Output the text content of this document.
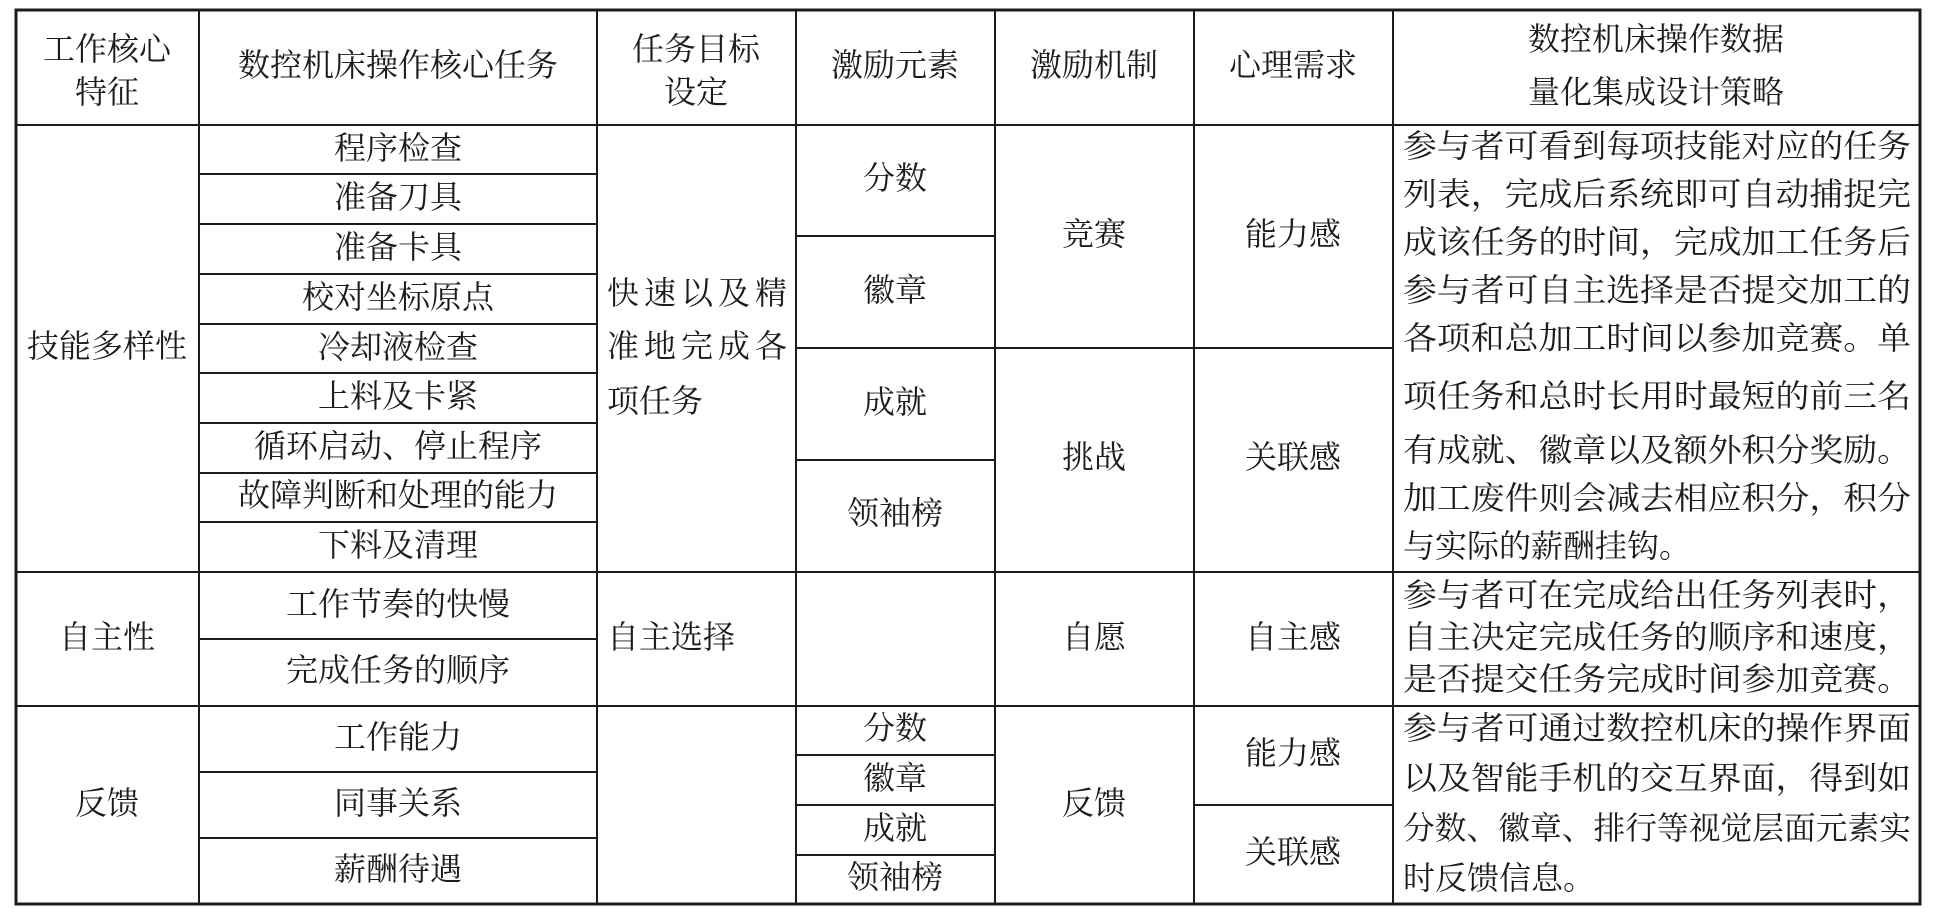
工作核心
特征
数控机床操作核心任务 任务目标
设定
激励元素 激励机制 心理需求
数控机床操作数据
量化集成设计策略
技能多样性
程序检查
准备刀具
准备卡具
校对坐标原点
冷却液检查
上料及卡紧
循环启动、停止程序
故障判断和处理的能力
下料及清理
快速以及精
准地完成各
项任务
分数
徽章
成就
领袖榜
竞赛
挑战
能力感
关联感
参与者可看到每项技能对应的任务
列表，完成后系统即可自动捕捉完
成该任务的时间，完成加工任务后
参与者可自主选择是否提交加工的
各项和总加工时间以参加竞赛。单
项任务和总时长用时最短的前三名
有成就、徽章以及额外积分奖励。
加工废件则会减去相应积分，积分
与实际的薪酬挂钩。
自主性
工作节奏的快慢
完成任务的顺序
自主选择	自愿	自主感
参与者可在完成给出任务列表时，
自主决定完成任务的顺序和速度，
是否提交任务完成时间参加竞赛。
反馈
工作能力
同事关系
薪酬待遇
分数
徽章
成就
领袖榜
反馈
能力感
关联感
参与者可通过数控机床的操作界面
以及智能手机的交互界面，得到如
分数、徽章、排行等视觉层面元素实
时反馈信息。
